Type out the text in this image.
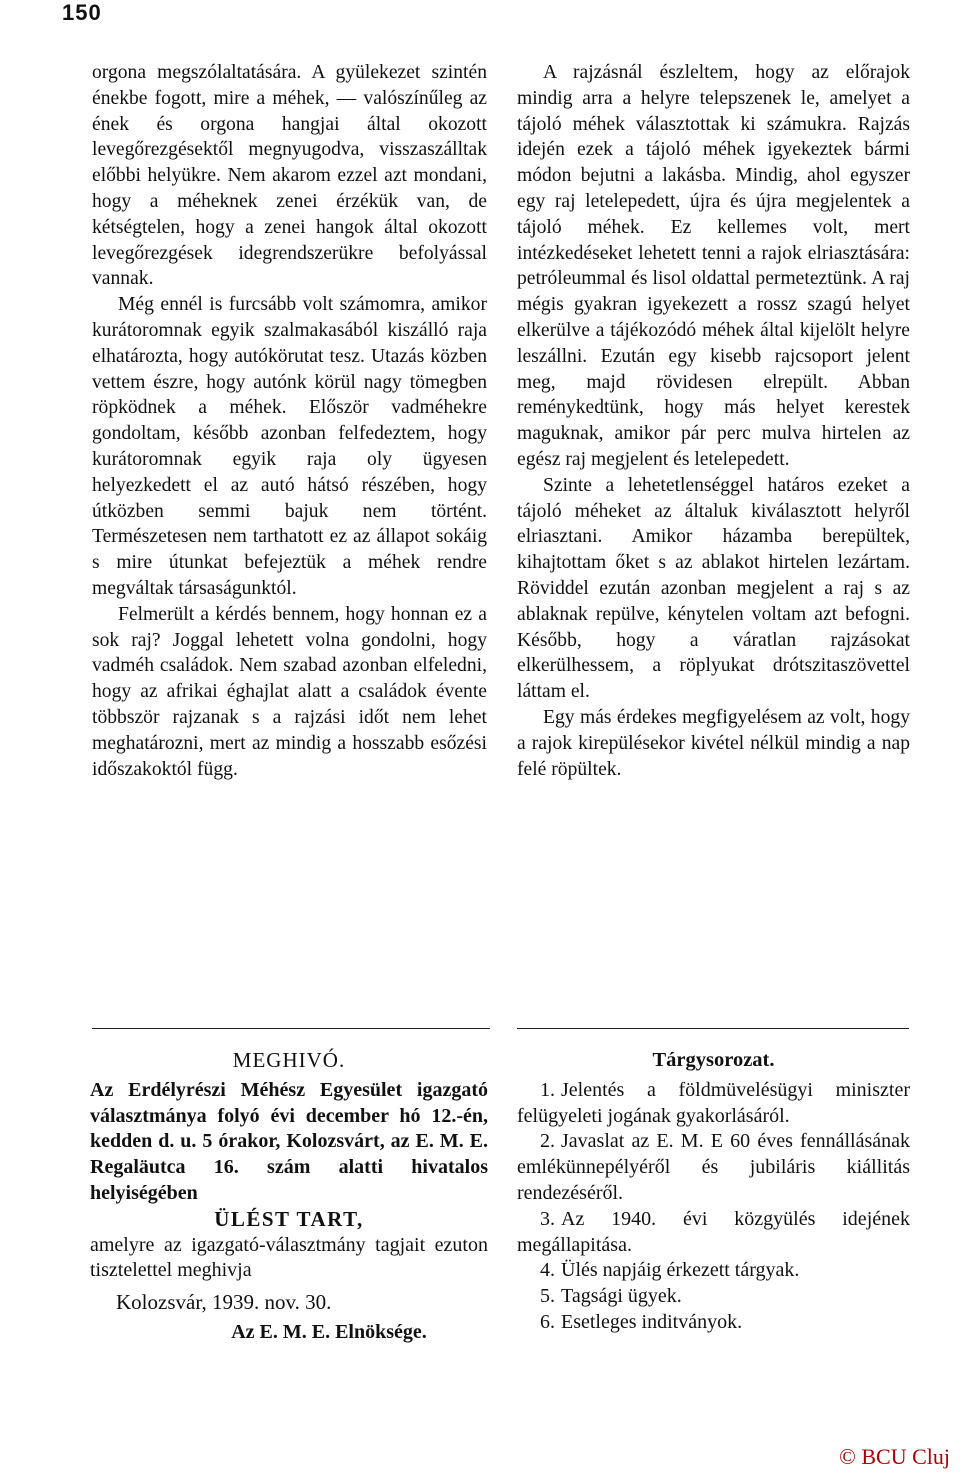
150

orgona megszólaltatására. A gyülekezet szintén énekbe fogott, mire a méhek, — valószínűleg az ének és orgona hangjai által okozott levegőrezgésektől megnyugodva, visszaszálltak előbbi helyükre. Nem akarom ezzel azt mondani, hogy a méheknek zenei érzékük van, de kétségtelen, hogy a zenei hangok által okozott levegőrezgések idegrendszerükre befolyással vannak.

Még ennél is furcsább volt számomra, amikor kurátoromnak egyik szalmakasából kiszálló raja elhatározta, hogy autókörutat tesz. Utazás közben vettem észre, hogy autónk körül nagy tömegben röpködnek a méhek. Először vadméhekre gondoltam, később azonban felfedeztem, hogy kurátoromnak egyik raja oly ügyesen helyezkedett el az autó hátsó részében, hogy útközben semmi bajuk nem történt. Természetesen nem tarthatott ez az állapot sokáig s mire útunkat befejeztük a méhek rendre megváltak társaságunktól.

Felmerült a kérdés bennem, hogy honnan ez a sok raj? Joggal lehetett volna gondolni, hogy vadméh családok. Nem szabad azonban elfeledni, hogy az afrikai éghajlat alatt a családok évente többször rajzanak s a rajzási időt nem lehet meghatározni, mert az mindig a hosszabb esőzési időszakoktól függ.

A rajzásnál észleltem, hogy az előrajok mindig arra a helyre telepszenek le, amelyet a tájoló méhek választottak ki számukra. Rajzás idején ezek a tájoló méhek igyekeztek bármi módon bejutni a lakásba. Mindig, ahol egyszer egy raj letelepedett, újra és újra megjelentek a tájoló méhek. Ez kellemes volt, mert intézkedéseket lehetett tenni a rajok elriasztására: petróleummal és lisol oldattal permeteztünk. A raj mégis gyakran igyekezett a rossz szagú helyet elkerülve a tájékozódó méhek által kijelölt helyre leszállni. Ezután egy kisebb rajcsoport jelent meg, majd rövidesen elrepült. Abban reménykedtünk, hogy más helyet kerestek maguknak, amikor pár perc mulva hirtelen az egész raj megjelent és letelepedett.

Szinte a lehetetlenséggel határos ezeket a tájoló méheket az általuk kiválasztott helyről elriasztani. Amikor házamba berepültek, kihajtottam őket s az ablakot hirtelen lezártam. Röviddel ezután azonban megjelent a raj s az ablaknak repülve, kénytelen voltam azt befogni. Később, hogy a váratlan rajzásokat elkerülhessem, a röplyukat drótszitaszövettel láttam el.

Egy más érdekes megfigyelésem az volt, hogy a rajok kirepülésekor kivétel nélkül mindig a nap felé röpültek.

MEGHIVÓ.

Az Erdélyrészi Méhész Egyesület igazgató választmánya folyó évi december hó 12.-én, kedden d. u. 5 órakor, Kolozsvárt, az E. M. E. Regaläutca 16. szám alatti hivatalos helyiségében

ÜLÉST TART,

amelyre az igazgató-választmány tagjait ezuton tisztelettel meghivja

Kolozsvár, 1939. nov. 30.

Az E. M. E. Elnöksége.

Tárgysorozat.

1. Jelentés a földmüvelésügyi miniszter felügyeleti jogának gyakorlásáról.
2. Javaslat az E. M. E 60 éves fennállásának emlékünnepélyéről és jubiláris kiállitás rendezéséről.
3. Az 1940. évi közgyülés idejének megállapitása.
4. Ülés napjáig érkezett tárgyak.
5. Tagsági ügyek.
6. Esetleges inditványok.
© BCU Cluj
